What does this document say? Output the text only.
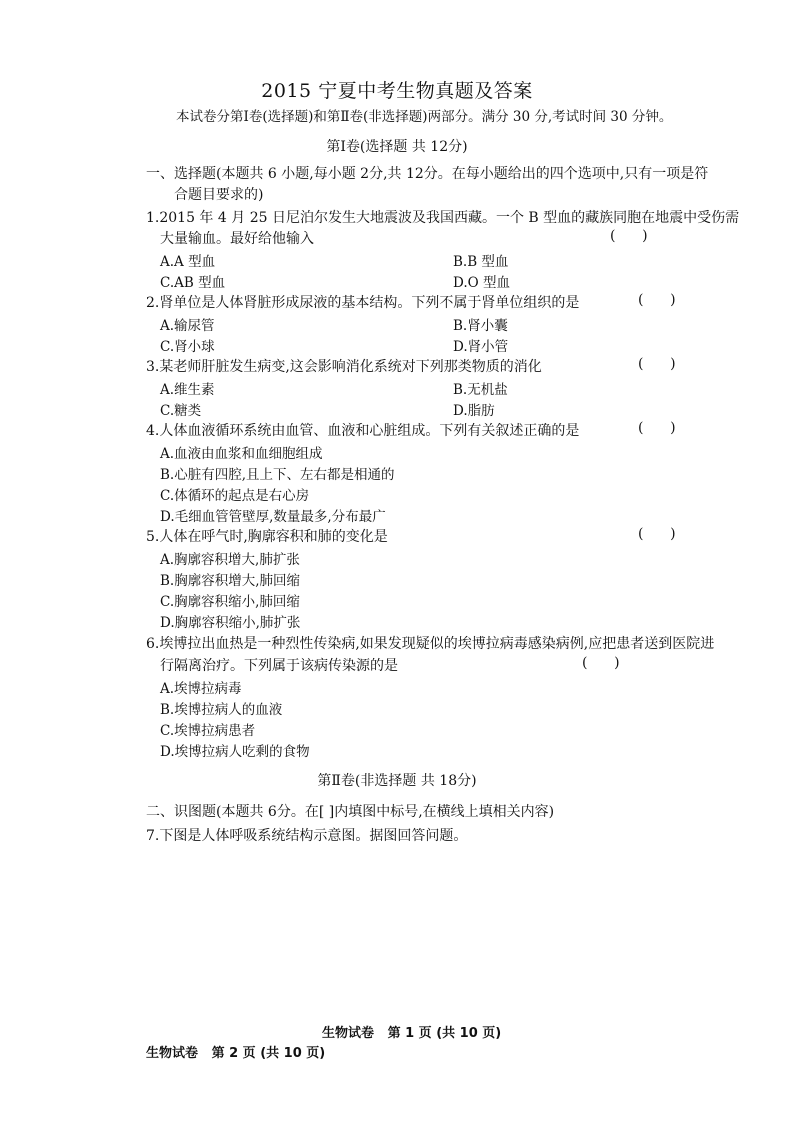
2015 宁夏中考生物真题及答案
本试卷分第Ⅰ卷(选择题)和第Ⅱ卷(非选择题)两部分。满分 30 分,考试时间 30 分钟。
第Ⅰ卷(选择题 共 12分)
一、选择题(本题共 6 小题,每小题 2分,共 12分。在每小题给出的四个选项中,只有一项是符
合题目要求的)
1.2015 年 4 月 25 日尼泊尔发生大地震波及我国西藏。一个 B 型血的藏族同胞在地震中受伤需
大量输血。最好给他输入	(      )
A.A 型血	B.B 型血
C.AB 型血	D.O 型血
2.肾单位是人体肾脏形成尿液的基本结构。下列不属于肾单位组织的是	(      )
A.输尿管	B.肾小囊
C.肾小球	D.肾小管
3.某老师肝脏发生病变,这会影响消化系统对下列那类物质的消化	(      )
A.维生素	B.无机盐
C.糖类	D.脂肪
4.人体血液循环系统由血管、血液和心脏组成。下列有关叙述正确的是	(      )
A.血液由血浆和血细胞组成
B.心脏有四腔,且上下、左右都是相通的
C.体循环的起点是右心房
D.毛细血管管壁厚,数量最多,分布最广
5.人体在呼气时,胸廓容积和肺的变化是	(      )
A.胸廓容积增大,肺扩张
B.胸廓容积增大,肺回缩
C.胸廓容积缩小,肺回缩
D.胸廓容积缩小,肺扩张
6.埃博拉出血热是一种烈性传染病,如果发现疑似的埃博拉病毒感染病例,应把患者送到医院进
行隔离治疗。下列属于该病传染源的是	(      )
A.埃博拉病毒
B.埃博拉病人的血液
C.埃博拉病患者
D.埃博拉病人吃剩的食物
第Ⅱ卷(非选择题 共 18分)
二、识图题(本题共 6分。在[ ]内填图中标号,在横线上填相关内容)
7.下图是人体呼吸系统结构示意图。据图回答问题。
生物试卷   第 1 页 (共 10 页)
生物试卷   第 2 页 (共 10 页)
